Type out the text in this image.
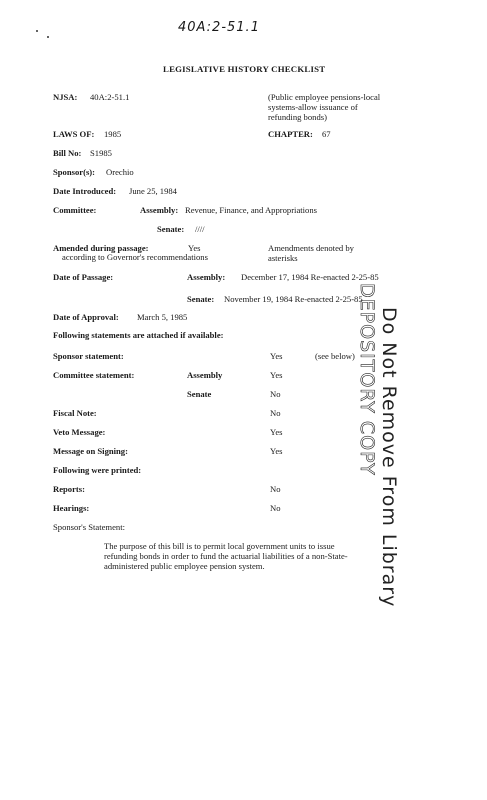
40A:2-51.1
LEGISLATIVE HISTORY CHECKLIST
NJSA: 40A:2-51.1	(Public employee pensions-local systems-allow issuance of refunding bonds)
LAWS OF: 1985	CHAPTER: 67
Bill No: S1985
Sponsor(s): Orechio
Date Introduced: June 25, 1984
Committee:	Assembly: Revenue, Finance, and Appropriations
Senate: ////
Amended during passage:	Yes
according to Governor's recommendations
Amendments denoted by asterisks
Date of Passage:	Assembly: December 17, 1984 Re-enacted 2-25-85
Senate: November 19, 1984 Re-enacted 2-25-85
Date of Approval: March 5, 1985
Following statements are attached if available:
Sponsor statement:	Yes	(see below)
Committee statement:	Assembly	Yes
Senate	No
Fiscal Note:	No
Veto Message:	Yes
Message on Signing:	Yes
Following were printed:
Reports:	No
Hearings:	No
Sponsor's Statement:
The purpose of this bill is to permit local government units to issue refunding bonds in order to fund the actuarial liabilities of a non-State-administered public employee pension system.	Do Not Remove From Library
DEPOSITORY COPY
